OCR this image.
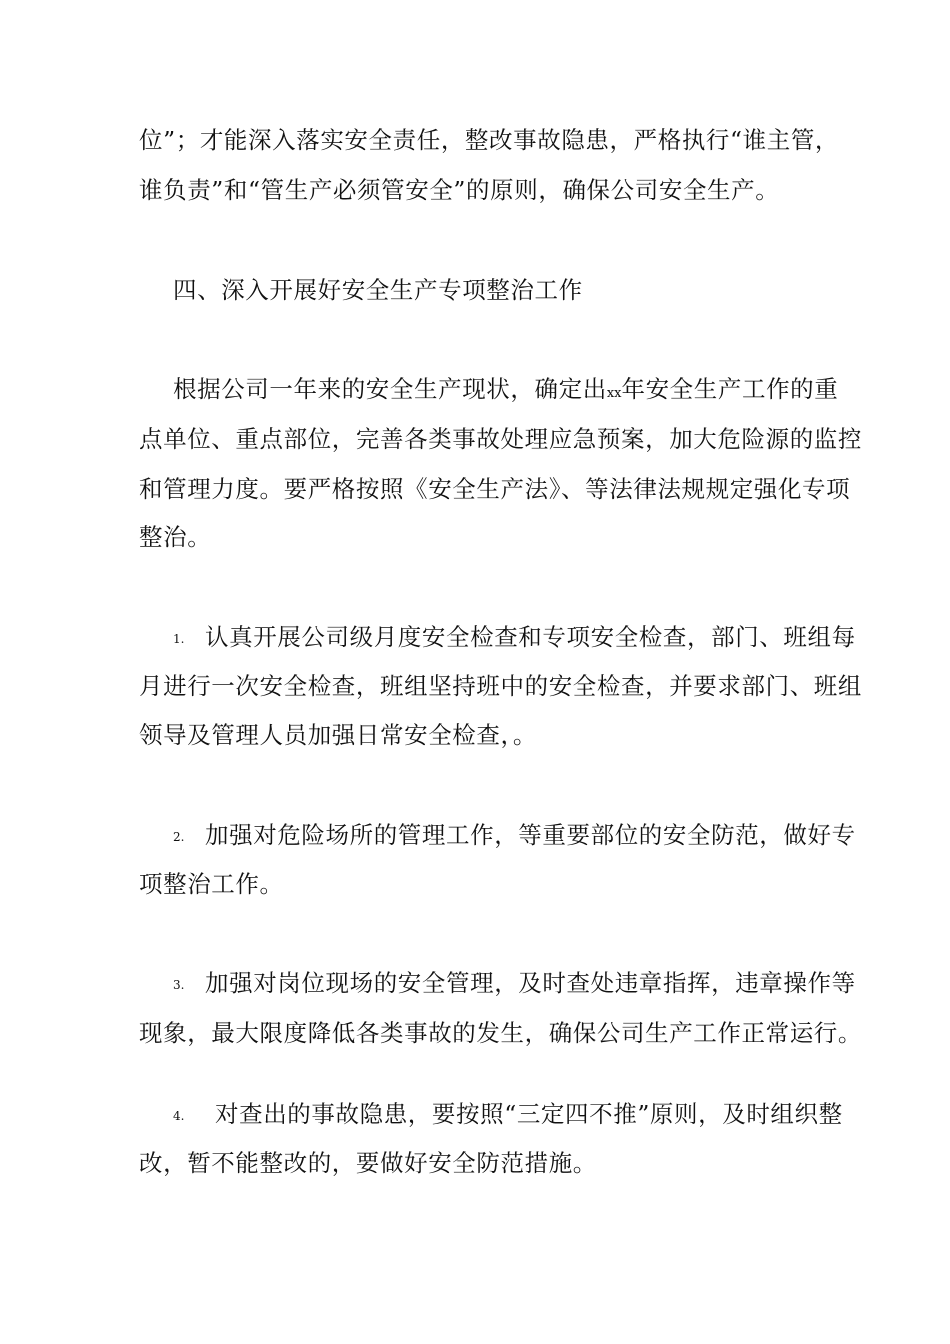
位”；才能深入落实安全责任，整改事故隐患，严格执行“谁主管，
谁负责”和“管生产必须管安全”的原则，确保公司安全生产。
四、深入开展好安全生产专项整治工作
根据公司一年来的安全生产现状，确定出xx年安全生产工作的重
点单位、重点部位，完善各类事故处理应急预案，加大危险源的监控
和管理力度。要严格按照《安全生产法》、等法律法规规定强化专项
整治。
1. 认真开展公司级月度安全检查和专项安全检查，部门、班组每
月进行一次安全检查，班组坚持班中的安全检查，并要求部门、班组
领导及管理人员加强日常安全检查，。
2. 加强对危险场所的管理工作，等重要部位的安全防范，做好专
项整治工作。
3. 加强对岗位现场的安全管理，及时查处违章指挥，违章操作等
现象，最大限度降低各类事故的发生，确保公司生产工作正常运行。
4. 对查出的事故隐患，要按照“三定四不推”原则，及时组织整
改，暂不能整改的，要做好安全防范措施。
